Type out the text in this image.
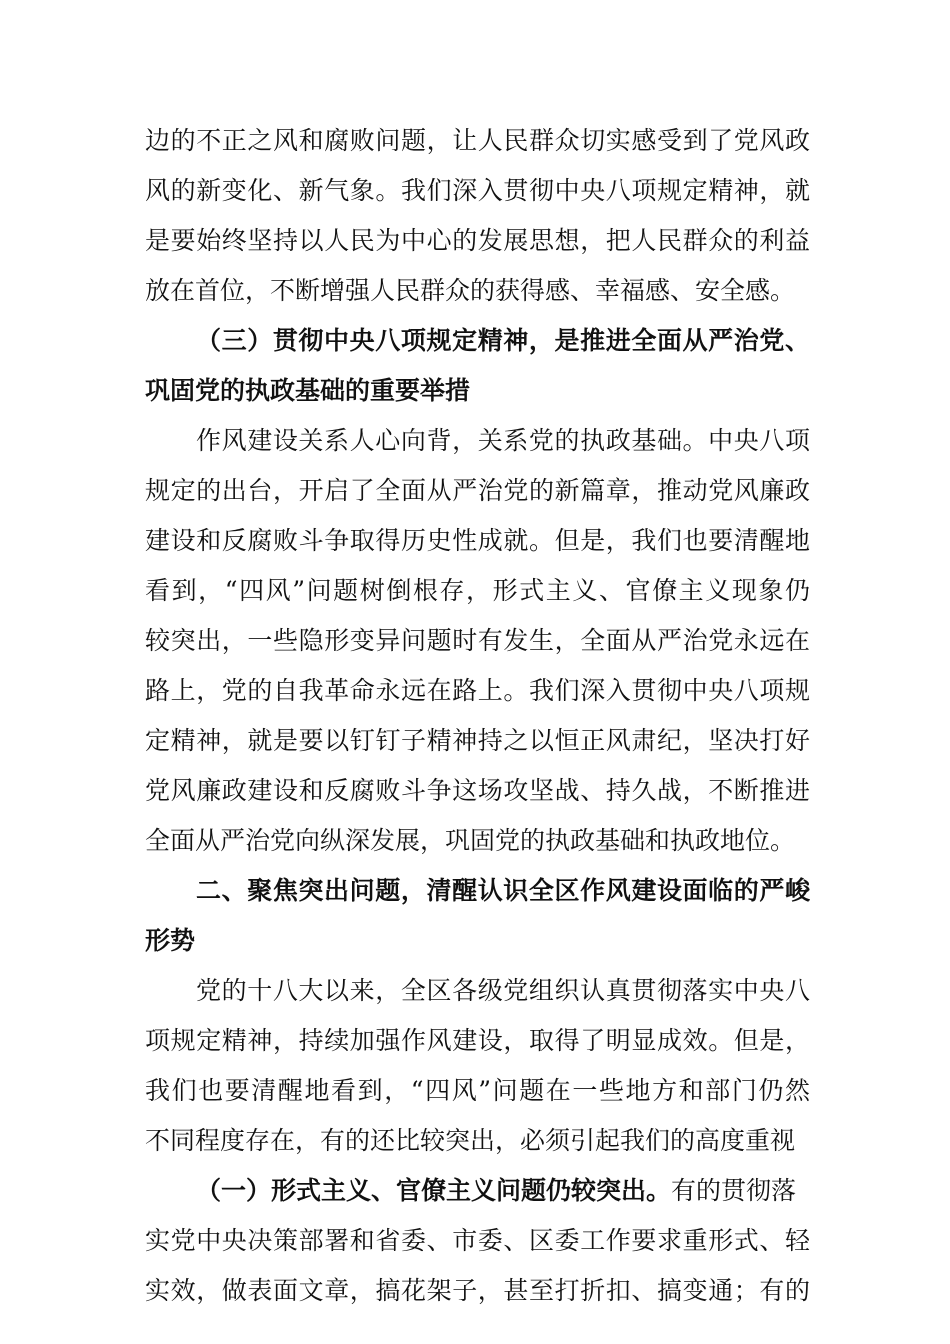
边的不正之风和腐败问题，让人民群众切实感受到了党风政
风的新变化、新气象。我们深入贯彻中央八项规定精神，就
是要始终坚持以人民为中心的发展思想，把人民群众的利益
放在首位，不断增强人民群众的获得感、幸福感、安全感。
（三）贯彻中央八项规定精神，是推进全面从严治党、
巩固党的执政基础的重要举措
作风建设关系人心向背，关系党的执政基础。中央八项
规定的出台，开启了全面从严治党的新篇章，推动党风廉政
建设和反腐败斗争取得历史性成就。但是，我们也要清醒地
看到，“四风”问题树倒根存，形式主义、官僚主义现象仍
较突出，一些隐形变异问题时有发生，全面从严治党永远在
路上，党的自我革命永远在路上。我们深入贯彻中央八项规
定精神，就是要以钉钉子精神持之以恒正风肃纪，坚决打好
党风廉政建设和反腐败斗争这场攻坚战、持久战，不断推进
全面从严治党向纵深发展，巩固党的执政基础和执政地位。
二、聚焦突出问题，清醒认识全区作风建设面临的严峻
形势
党的十八大以来，全区各级党组织认真贯彻落实中央八
项规定精神，持续加强作风建设，取得了明显成效。但是，
我们也要清醒地看到，“四风”问题在一些地方和部门仍然
不同程度存在，有的还比较突出，必须引起我们的高度重视
（一）形式主义、官僚主义问题仍较突出。有的贯彻落
实党中央决策部署和省委、市委、区委工作要求重形式、轻
实效，做表面文章，搞花架子，甚至打折扣、搞变通；有的
